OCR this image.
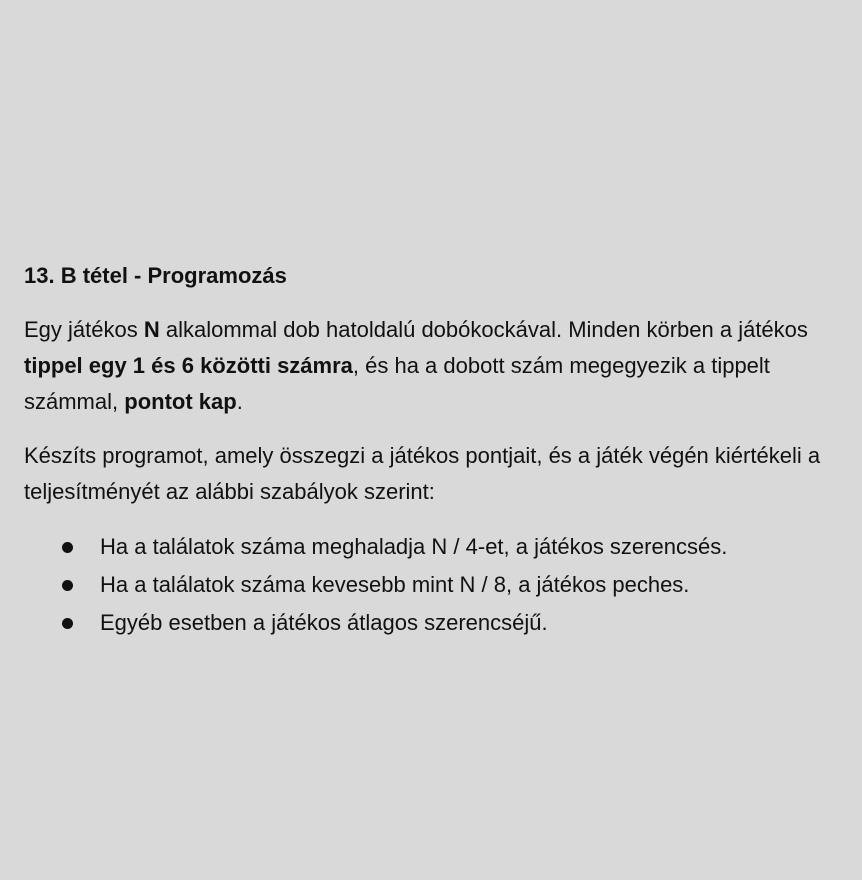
13. B tétel - Programozás

Egy játékos N alkalommal dob hatoldalú dobókockával. Minden körben a játékos tippel egy 1 és 6 közötti számra, és ha a dobott szám megegyezik a tippelt számmal, pontot kap.

Készíts programot, amely összegzi a játékos pontjait, és a játék végén kiértékeli a teljesítményét az alábbi szabályok szerint:

Ha a találatok száma meghaladja N / 4-et, a játékos szerencsés.
Ha a találatok száma kevesebb mint N / 8, a játékos peches.
Egyéb esetben a játékos átlagos szerencséjű.
